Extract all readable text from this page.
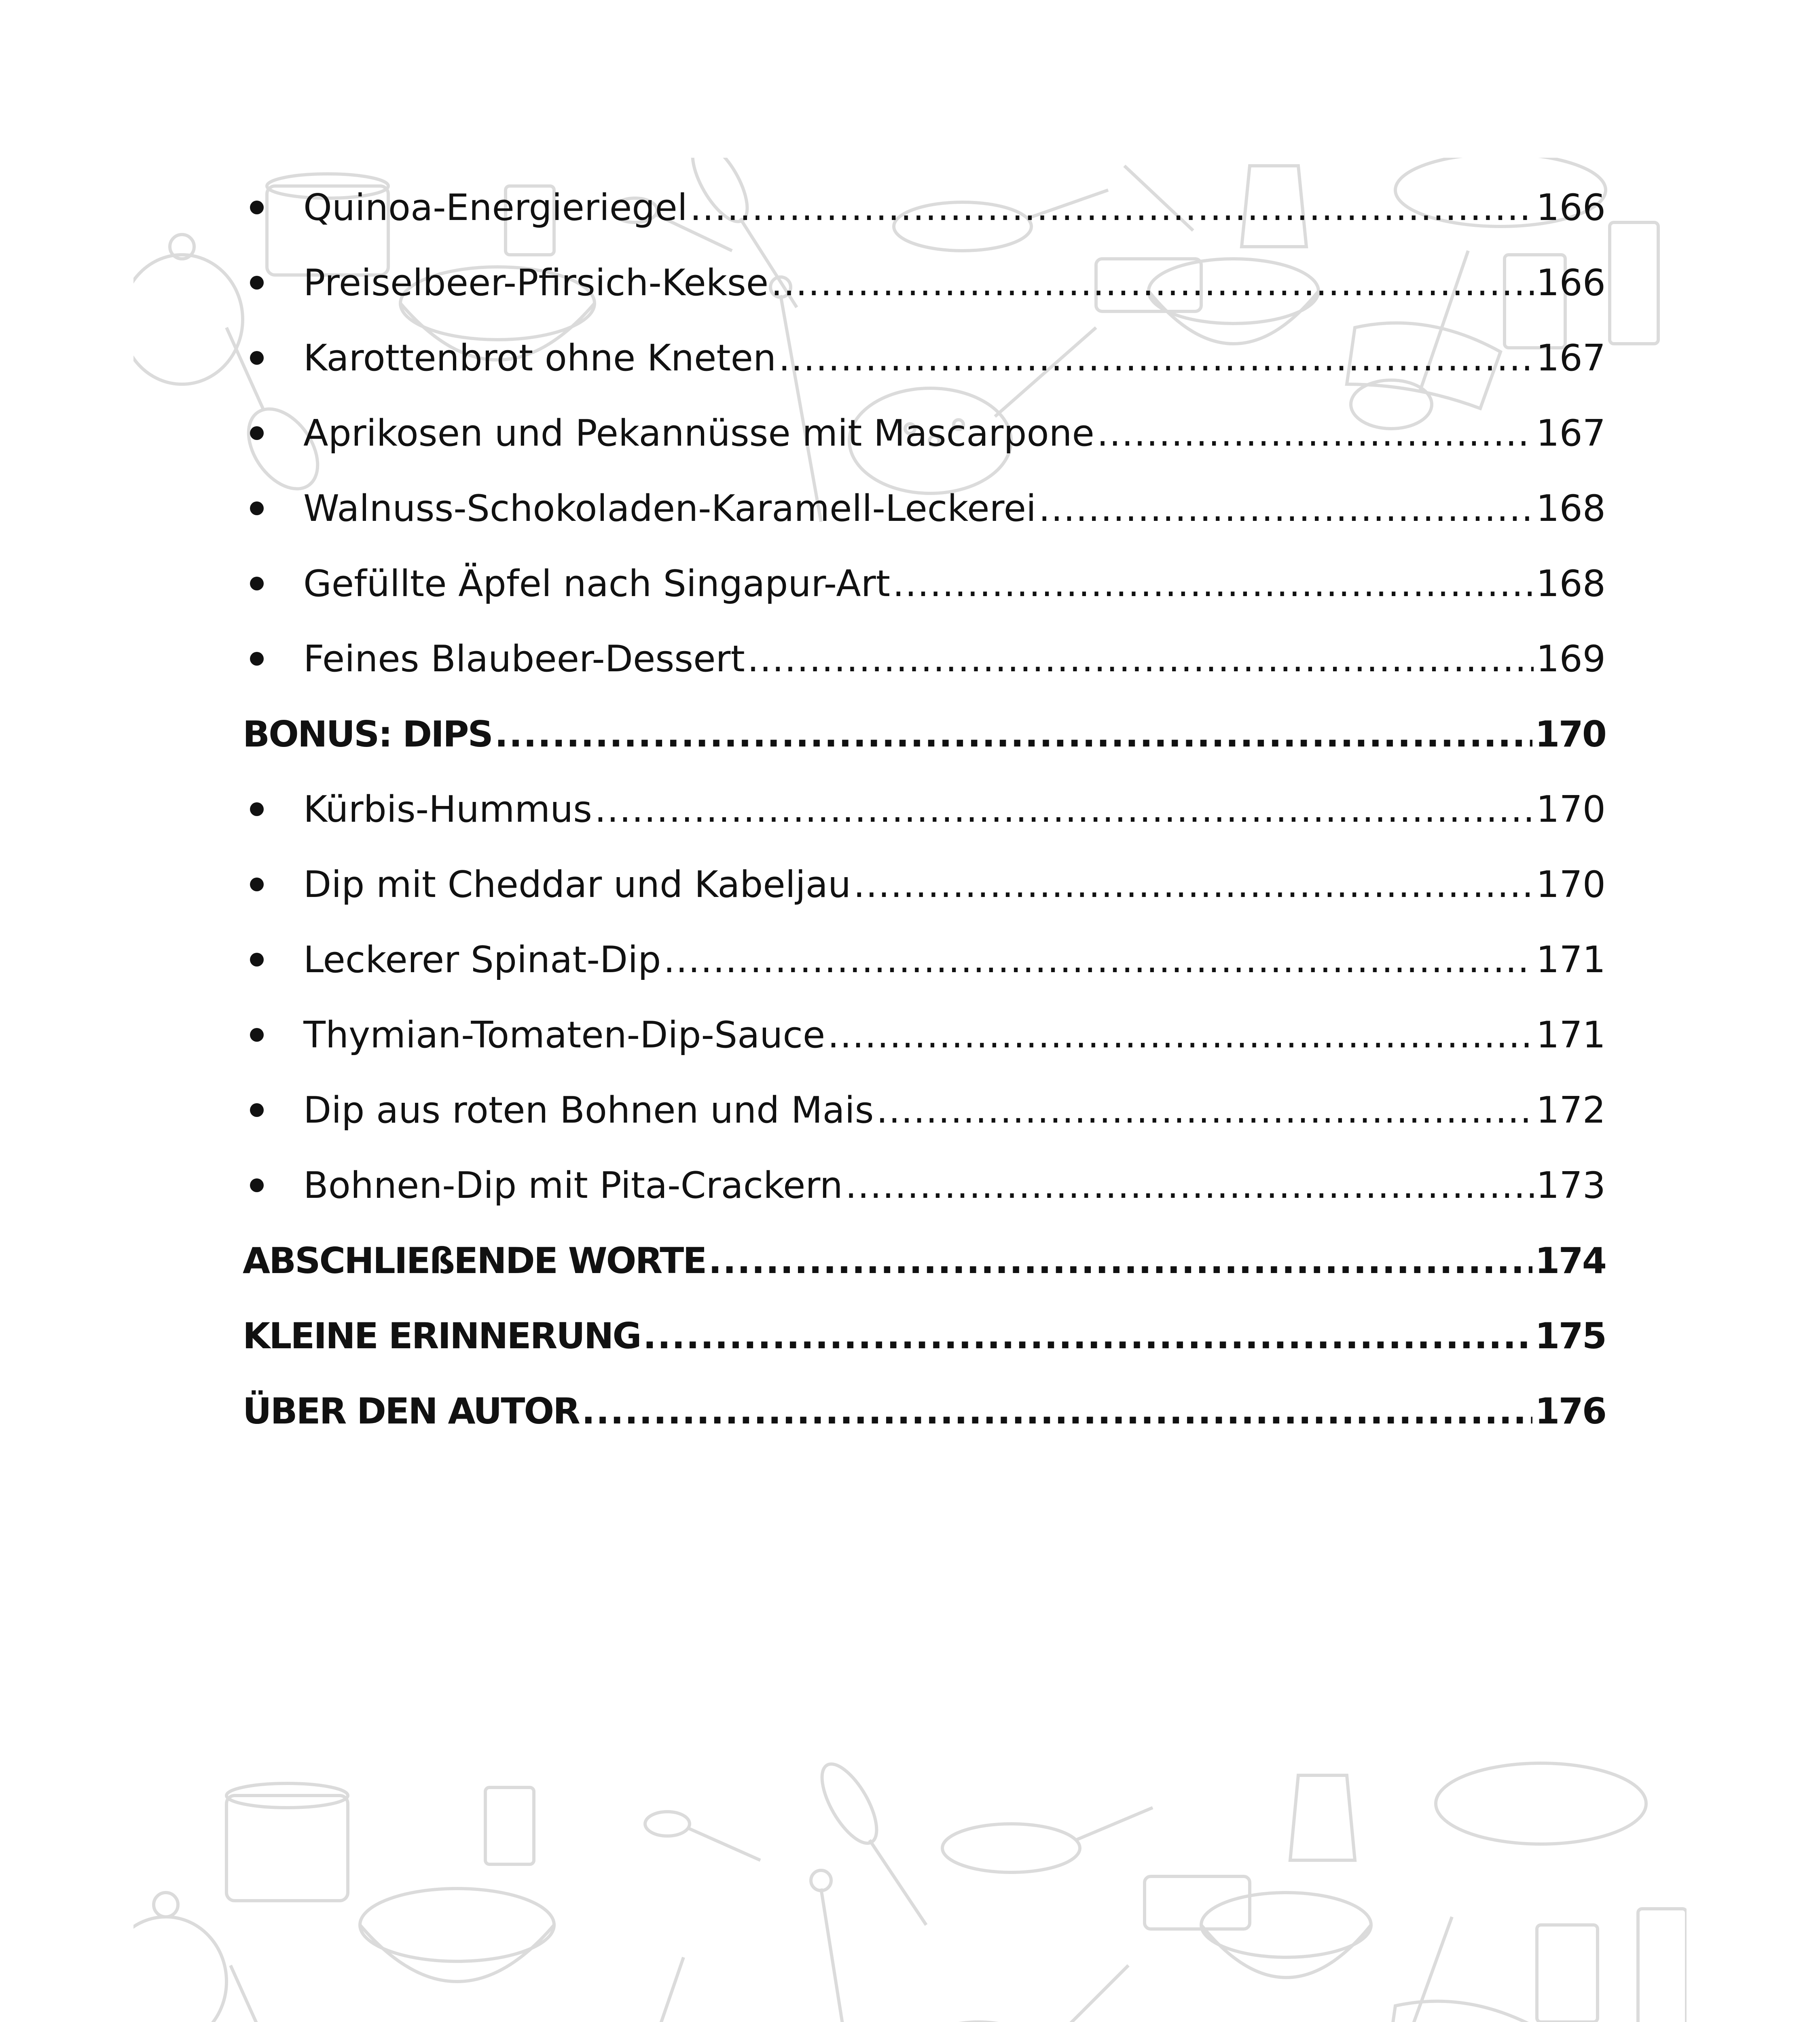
Quinoa-Energieriegel .....	166
Preiselbeer-Pfirsich-Kekse .....	166
Karottenbrot ohne Kneten .....	167
Aprikosen und Pekannüsse mit Mascarpone .....	167
Walnuss-Schokoladen-Karamell-Leckerei .....	168
Gefüllte Äpfel nach Singapur-Art .....	168
Feines Blaubeer-Dessert .....	169
BONUS: DIPS .....	170
Kürbis-Hummus .....	170
Dip mit Cheddar und Kabeljau .....	170
Leckerer Spinat-Dip .....	171
Thymian-Tomaten-Dip-Sauce .....	171
Dip aus roten Bohnen und Mais .....	172
Bohnen-Dip mit Pita-Crackern .....	173
ABSCHLIEßENDE WORTE .....	174
KLEINE ERINNERUNG .....	175
ÜBER DEN AUTOR .....	176
